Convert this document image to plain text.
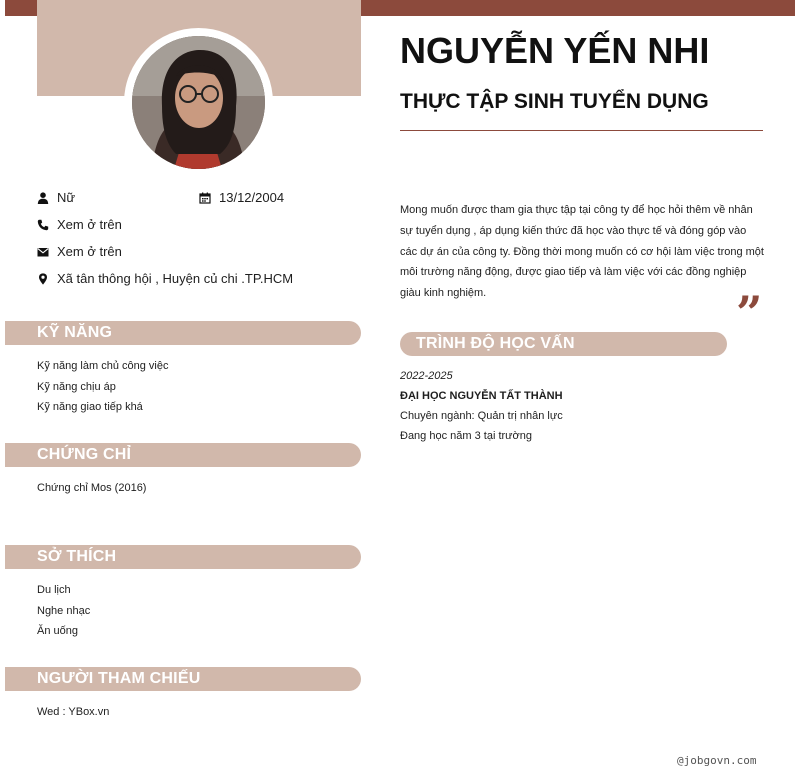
Nữ	13/12/2004
Xem ở trên
Xem ở trên
Xã tân thông hội , Huyện củ chi .TP.HCM
KỸ NĂNG
Kỹ năng làm chủ công việc
Kỹ năng chịu áp
Kỹ năng giao tiếp khá
CHỨNG CHỈ
Chứng chỉ Mos (2016)
SỞ THÍCH
Du lịch
Nghe nhạc
Ăn uống
NGƯỜI THAM CHIẾU
Wed : YBox.vn
NGUYỄN YẾN NHI
THỰC TẬP SINH TUYỂN DỤNG
Mong muốn được tham gia thực tập tại công ty để học hỏi thêm về nhân sự tuyển dụng , áp dụng kiến thức đã học vào thực tế và đóng góp vào các dự án của công ty. Đồng thời mong muốn có cơ hội làm việc trong một môi trường năng động, được giao tiếp và làm việc với các đồng nghiệp giàu kinh nghiệm.	”
TRÌNH ĐỘ HỌC VẤN
2022-2025
ĐẠI HỌC NGUYỄN TẤT THÀNH
Chuyên ngành: Quản trị nhân lực
Đang học năm 3 tại trường
@jobgovn.com
